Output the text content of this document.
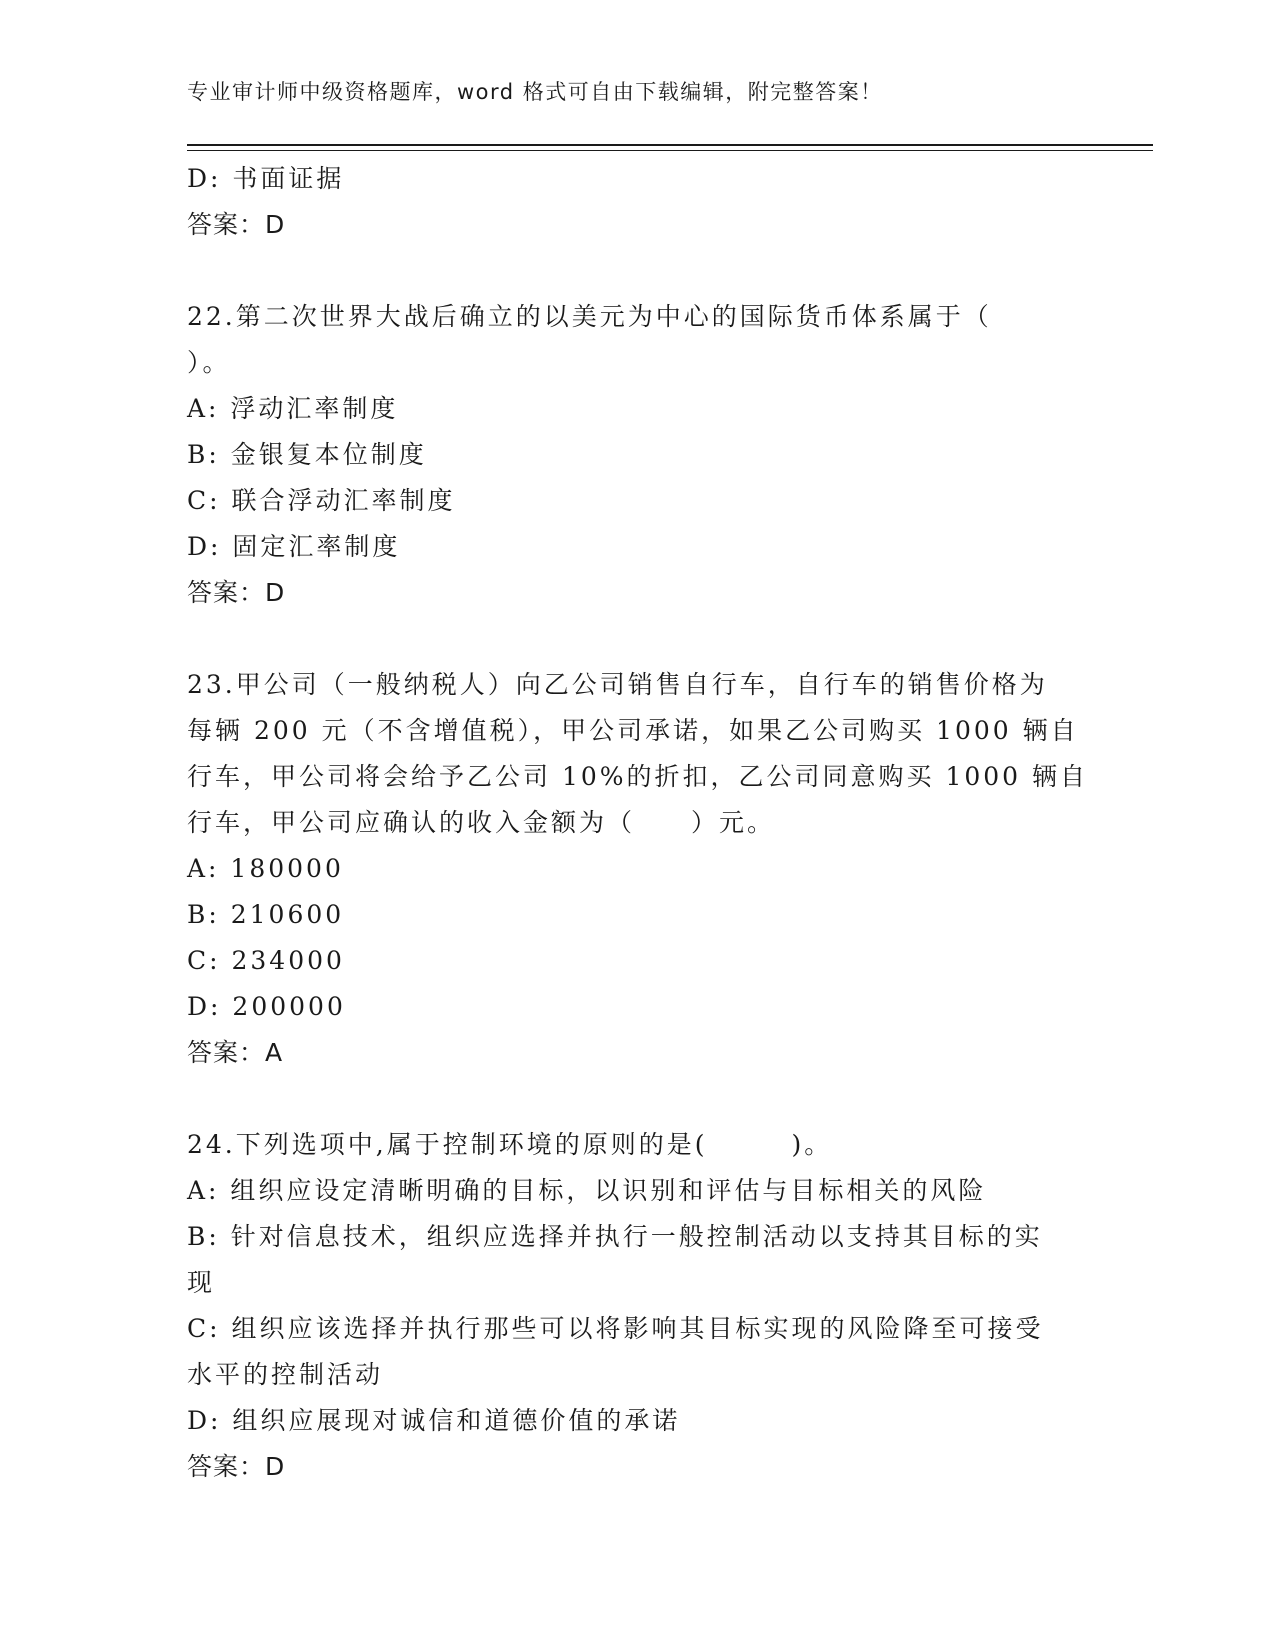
专业审计师中级资格题库，word 格式可自由下载编辑，附完整答案！
D: 书面证据
答案：D
22.第二次世界大战后确立的以美元为中心的国际货币体系属于（
）。
A: 浮动汇率制度
B: 金银复本位制度
C: 联合浮动汇率制度
D: 固定汇率制度
答案：D
23.甲公司（一般纳税人）向乙公司销售自行车，自行车的销售价格为
每辆 200 元（不含增值税），甲公司承诺，如果乙公司购买 1000 辆自
行车，甲公司将会给予乙公司 10%的折扣，乙公司同意购买 1000 辆自
行车，甲公司应确认的收入金额为（　　）元。
A: 180000
B: 210600
C: 234000
D: 200000
答案：A
24.下列选项中,属于控制环境的原则的是(　　　)。
A: 组织应设定清晰明确的目标，以识别和评估与目标相关的风险
B: 针对信息技术，组织应选择并执行一般控制活动以支持其目标的实
现
C: 组织应该选择并执行那些可以将影响其目标实现的风险降至可接受
水平的控制活动
D: 组织应展现对诚信和道德价值的承诺
答案：D
